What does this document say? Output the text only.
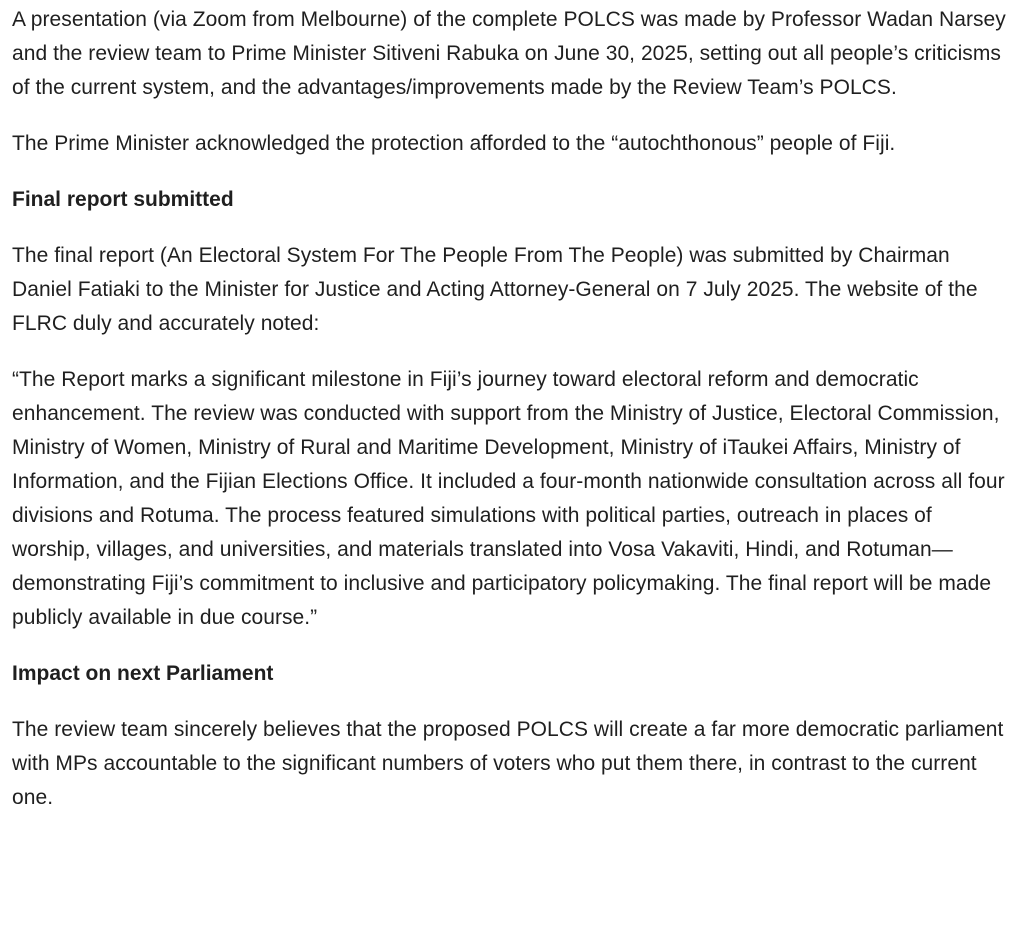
A presentation (via Zoom from Melbourne) of the complete POLCS was made by Professor Wadan Narsey and the review team to Prime Minister Sitiveni Rabuka on June 30, 2025, setting out all people’s criticisms of the current system, and the advantages/improvements made by the Review Team’s POLCS.

The Prime Minister acknowledged the protection afforded to the “autochthonous” people of Fiji.

Final report submitted

The final report (An Electoral System For The People From The People) was submitted by Chairman Daniel Fatiaki to the Minister for Justice and Acting Attorney-General on 7 July 2025. The website of the FLRC duly and accurately noted:

“The Report marks a significant milestone in Fiji’s journey toward electoral reform and democratic enhancement. The review was conducted with support from the Ministry of Justice, Electoral Commission, Ministry of Women, Ministry of Rural and Maritime Development, Ministry of iTaukei Affairs, Ministry of Information, and the Fijian Elections Office. It included a four-month nationwide consultation across all four divisions and Rotuma. The process featured simulations with political parties, outreach in places of worship, villages, and universities, and materials translated into Vosa Vakaviti, Hindi, and Rotuman—demonstrating Fiji’s commitment to inclusive and participatory policymaking. The final report will be made publicly available in due course.”

Impact on next Parliament

The review team sincerely believes that the proposed POLCS will create a far more democratic parliament with MPs accountable to the significant numbers of voters who put them there, in contrast to the current one.
